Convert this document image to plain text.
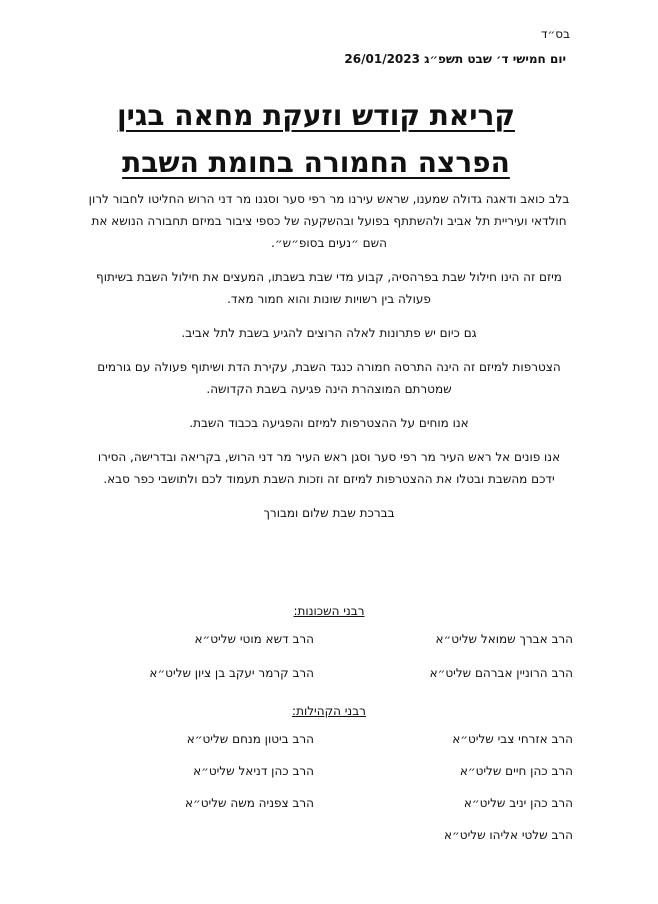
בס״ד
יום חמישי ד׳ שבט תשפ״ג 26/01/2023
קריאת קודש וזעקת מחאה בגין
הפרצה החמורה בחומת השבת

בלב כואב ודאגה גדולה שמענו, שראש עירנו מר רפי סער וסגנו מר דני הרוש החליטו לחבור לרון חולדאי ועיריית תל אביב ולהשתתף בפועל ובהשקעה של כספי ציבור במיזם תחבורה הנושא את השם ״נעים בסופ״ש״.

מיזם זה הינו חילול שבת בפרהסיה, קבוע מדי שבת בשבתו, המעצים את חילול השבת בשיתוף פעולה בין רשויות שונות והוא חמור מאד.

גם כיום יש פתרונות לאלה הרוצים להגיע בשבת לתל אביב.

הצטרפות למיזם זה הינה התרסה חמורה כנגד השבת, עקירת הדת ושיתוף פעולה עם גורמים שמטרתם המוצהרת הינה פגיעה בשבת הקדושה.

אנו מוחים על ההצטרפות למיזם והפגיעה בכבוד השבת.

אנו פונים אל ראש העיר מר רפי סער וסגן ראש העיר מר דני הרוש, בקריאה ובדרישה, הסירו ידכם מהשבת ובטלו את ההצטרפות למיזם זה וזכות השבת תעמוד לכם ולתושבי כפר סבא.

בברכת שבת שלום ומבורך

רבני השכונות:

הרב אברך שמואל שליט״א
הרב דשא מוטי שליט״א
הרב הרוניין אברהם שליט״א
הרב קרמר יעקב בן ציון שליט״א

רבני הקהילות:

הרב אזרחי צבי שליט״א
הרב ביטון מנחם שליט״א
הרב כהן חיים שליט״א
הרב כהן דניאל שליט״א
הרב כהן יניב שליט״א
הרב צפניה משה שליט״א
הרב שלטי אליהו שליט״א
